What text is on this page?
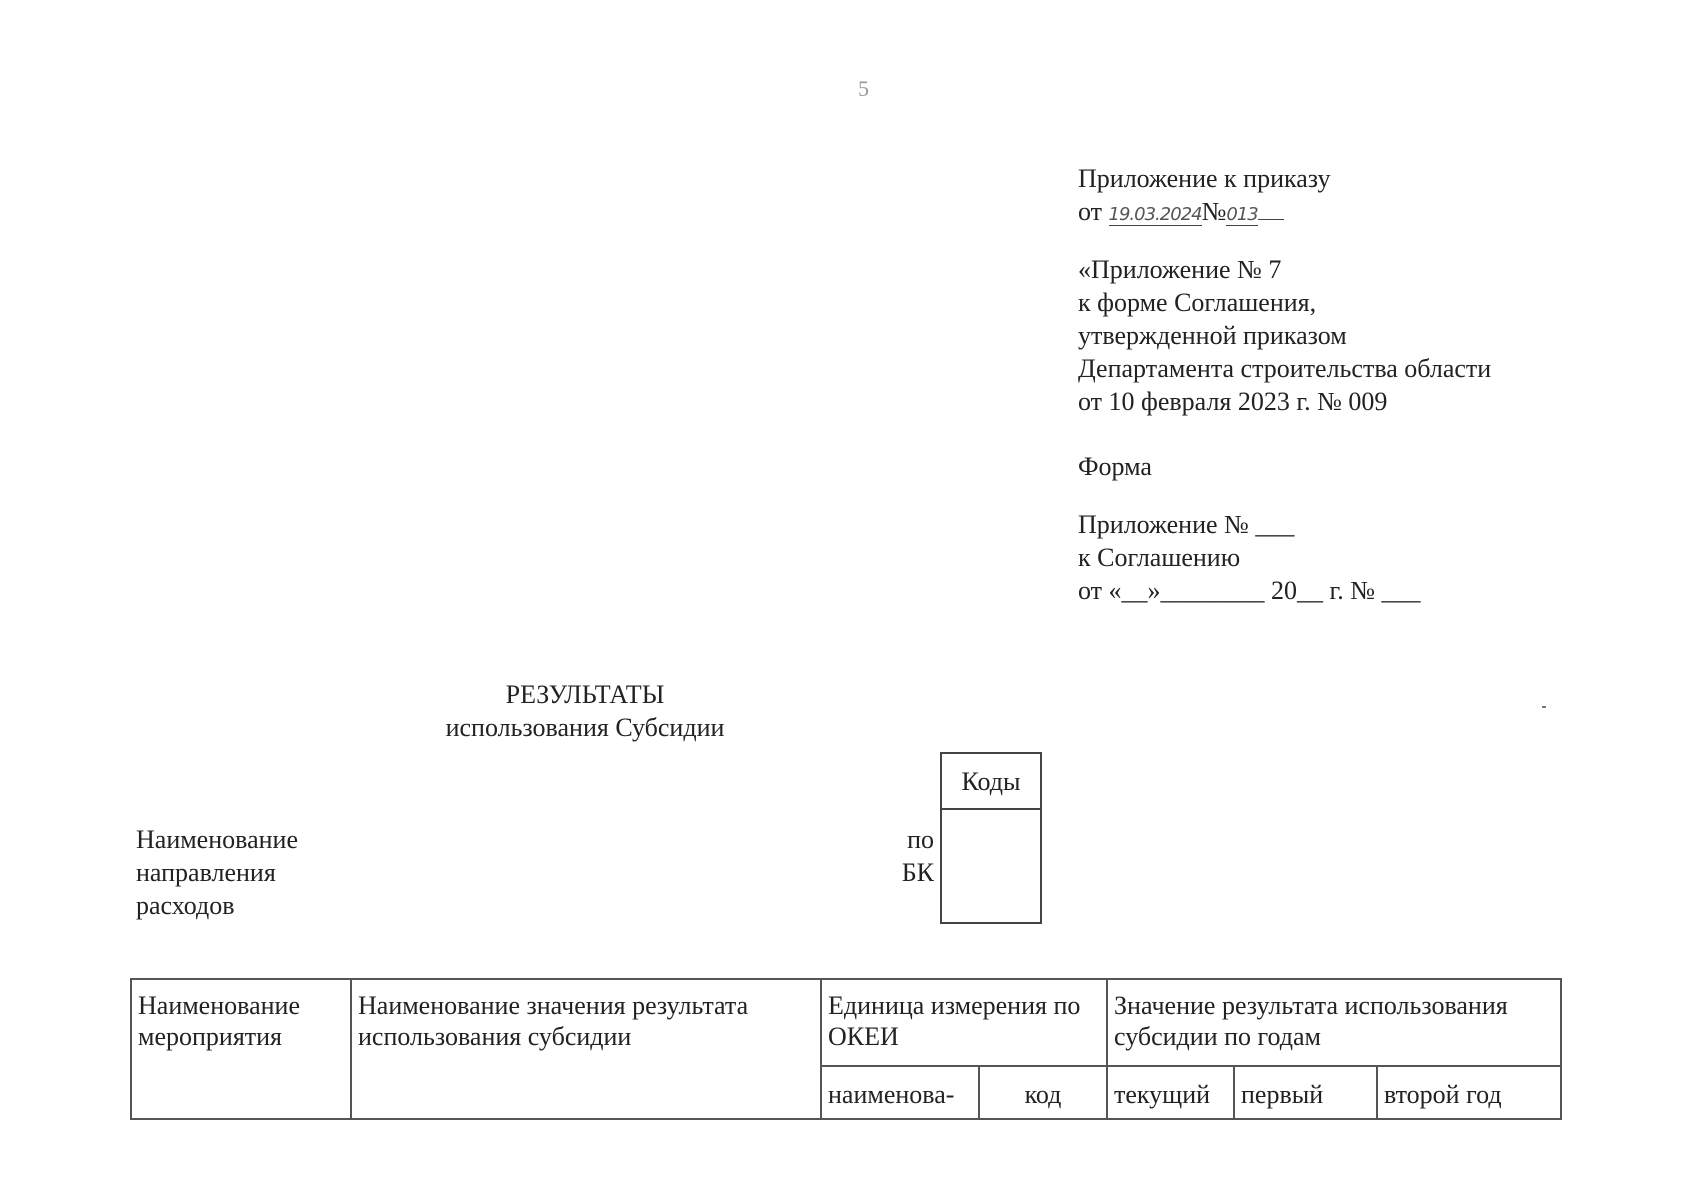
5
Приложение к приказу
от 19.03.2024№013
«Приложение № 7
к форме Соглашения,
утвержденной приказом
Департамента строительства области
от 10 февраля 2023 г. № 009
Форма
Приложение № ___
к Соглашению
от «__»________ 20__ г. № ___
РЕЗУЛЬТАТЫ
использования Субсидии
Наименование
направления
расходов
по
БК
Коды
Наименование мероприятия	Наименование значения результата использования субсидии	Единица измерения по ОКЕИ		Значение результата использования субсидии по годам		
		наименова-	код	текущий	первый	второй год
